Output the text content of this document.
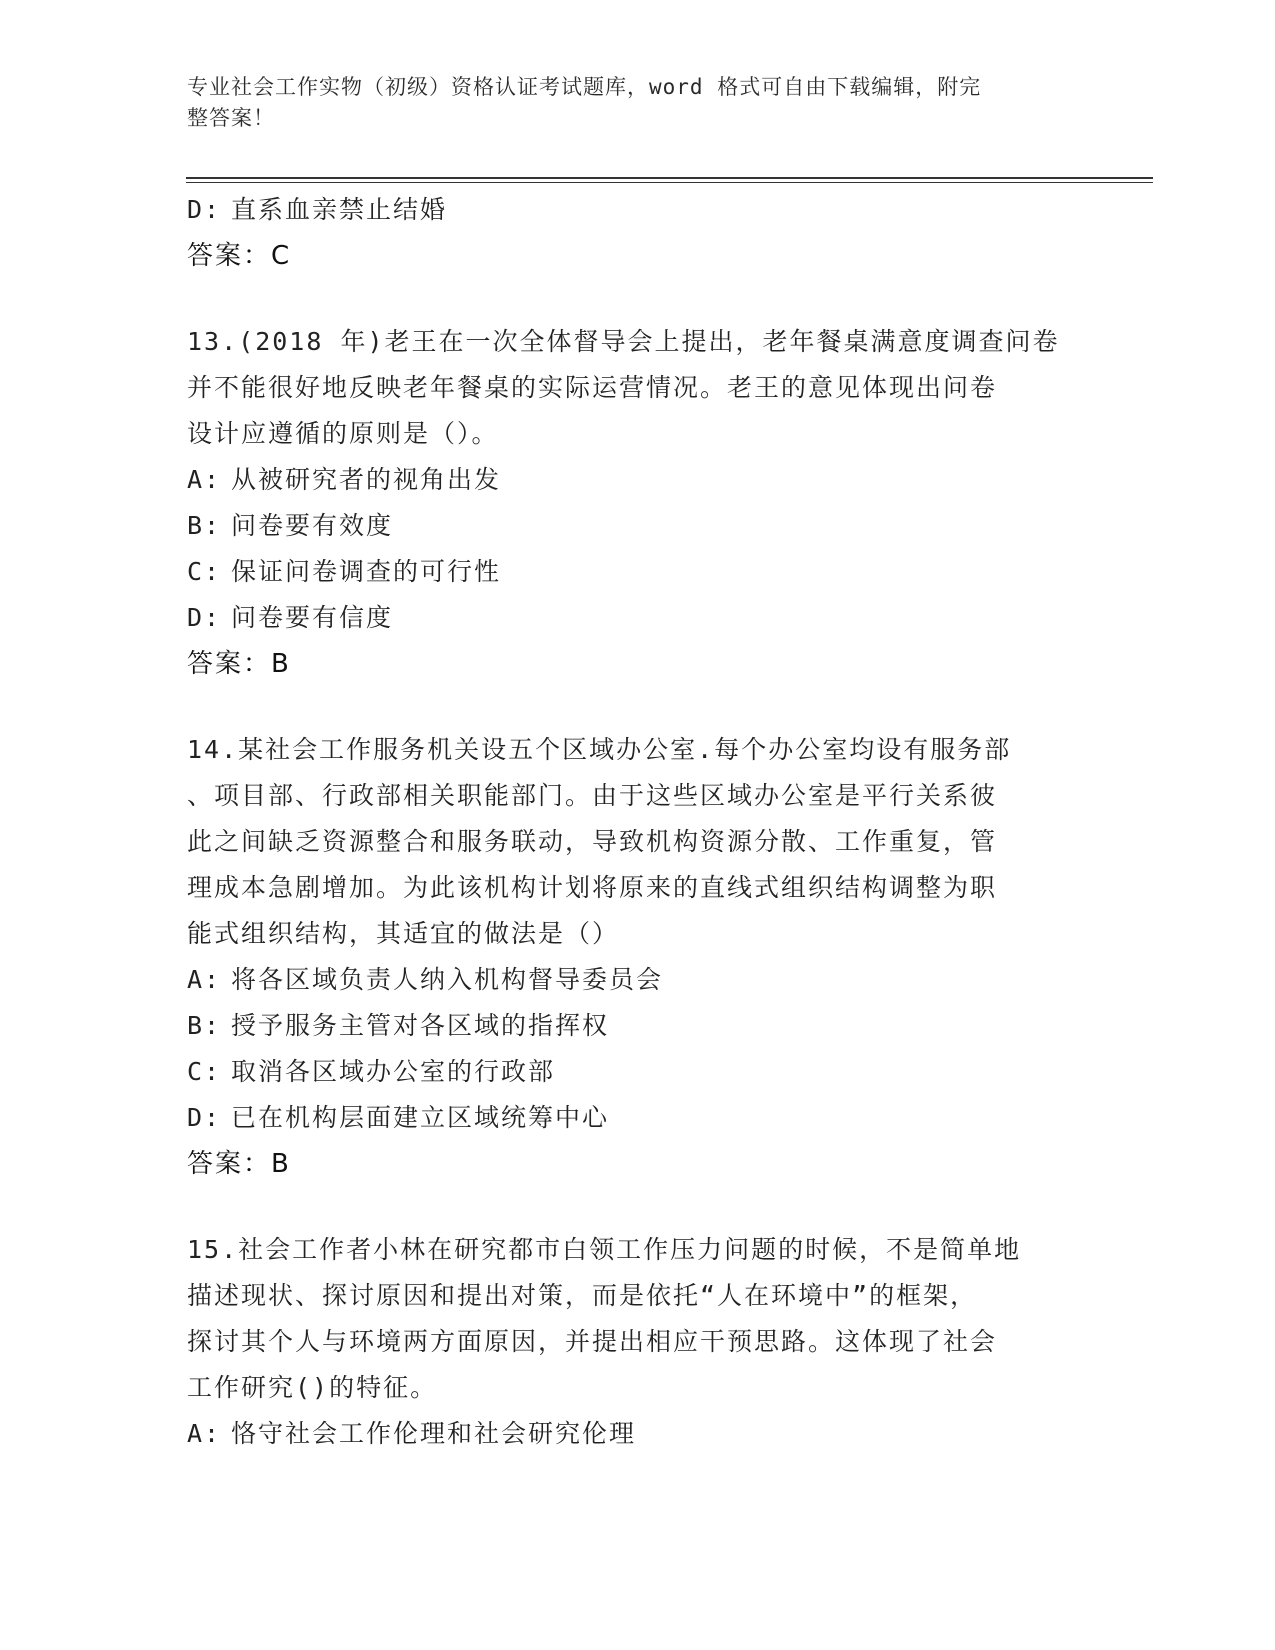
专业社会工作实物（初级）资格认证考试题库，word 格式可自由下载编辑，附完
整答案！
D: 直系血亲禁止结婚
答案：C
13.(2018 年)老王在一次全体督导会上提出，老年餐桌满意度调查问卷
并不能很好地反映老年餐桌的实际运营情况。老王的意见体现出问卷
设计应遵循的原则是（）。
A: 从被研究者的视角出发
B: 问卷要有效度
C: 保证问卷调查的可行性
D: 问卷要有信度
答案：B
14.某社会工作服务机关设五个区域办公室.每个办公室均设有服务部
、项目部、行政部相关职能部门。由于这些区域办公室是平行关系彼
此之间缺乏资源整合和服务联动，导致机构资源分散、工作重复，管
理成本急剧增加。为此该机构计划将原来的直线式组织结构调整为职
能式组织结构，其适宜的做法是（）
A: 将各区域负责人纳入机构督导委员会
B: 授予服务主管对各区域的指挥权
C: 取消各区域办公室的行政部
D: 已在机构层面建立区域统筹中心
答案：B
15.社会工作者小林在研究都市白领工作压力问题的时候，不是简单地
描述现状、探讨原因和提出对策，而是依托“人在环境中”的框架，
探讨其个人与环境两方面原因，并提出相应干预思路。这体现了社会
工作研究()的特征。
A: 恪守社会工作伦理和社会研究伦理
